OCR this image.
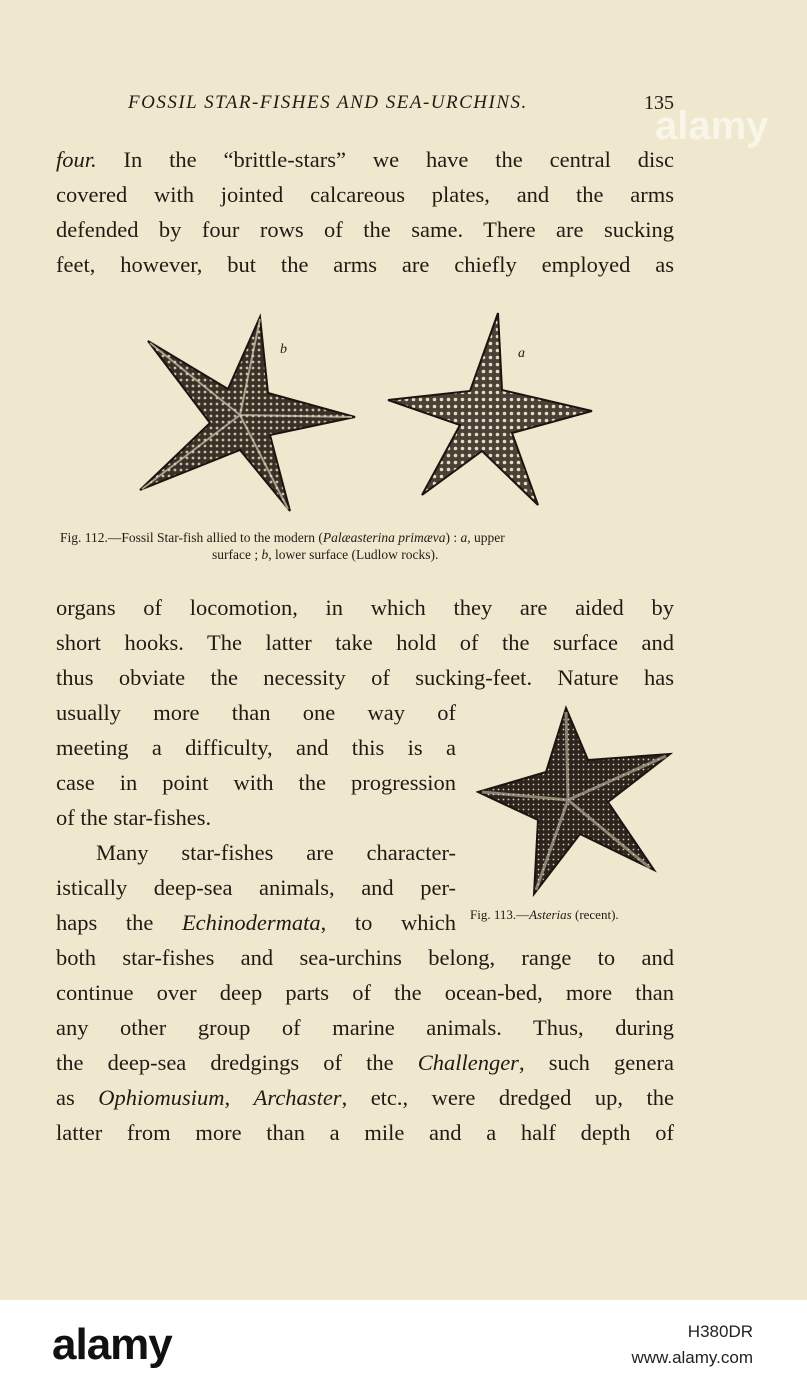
FOSSIL STAR-FISHES AND SEA-URCHINS.	135
four. In the “brittle-stars” we have the central disc
covered with jointed calcareous plates, and the arms
defended by four rows of the same. There are sucking
feet, however, but the arms are chiefly employed as
b	a
Fig. 112.—Fossil Star-fish allied to the modern (Palæasterina primæva) : a, upper
surface ; b, lower surface (Ludlow rocks).
organs of locomotion, in which they are aided by
short hooks. The latter take hold of the surface and
thus obviate the necessity of sucking-feet. Nature has
usually more than one way of
meeting a difficulty, and this is a
case in point with the progression
of the star-fishes.
Many star-fishes are character-
istically deep-sea animals, and per-
haps the Echinodermata, to which Fig. 113.—Asterias (recent).
both star-fishes and sea-urchins belong, range to and
continue over deep parts of the ocean-bed, more than
any other group of marine animals. Thus, during
the deep-sea dredgings of the Challenger, such genera
as Ophiomusium, Archaster, etc., were dredged up, the
latter from more than a mile and a half depth of
alamy
alamy	H380DR
www.alamy.com
